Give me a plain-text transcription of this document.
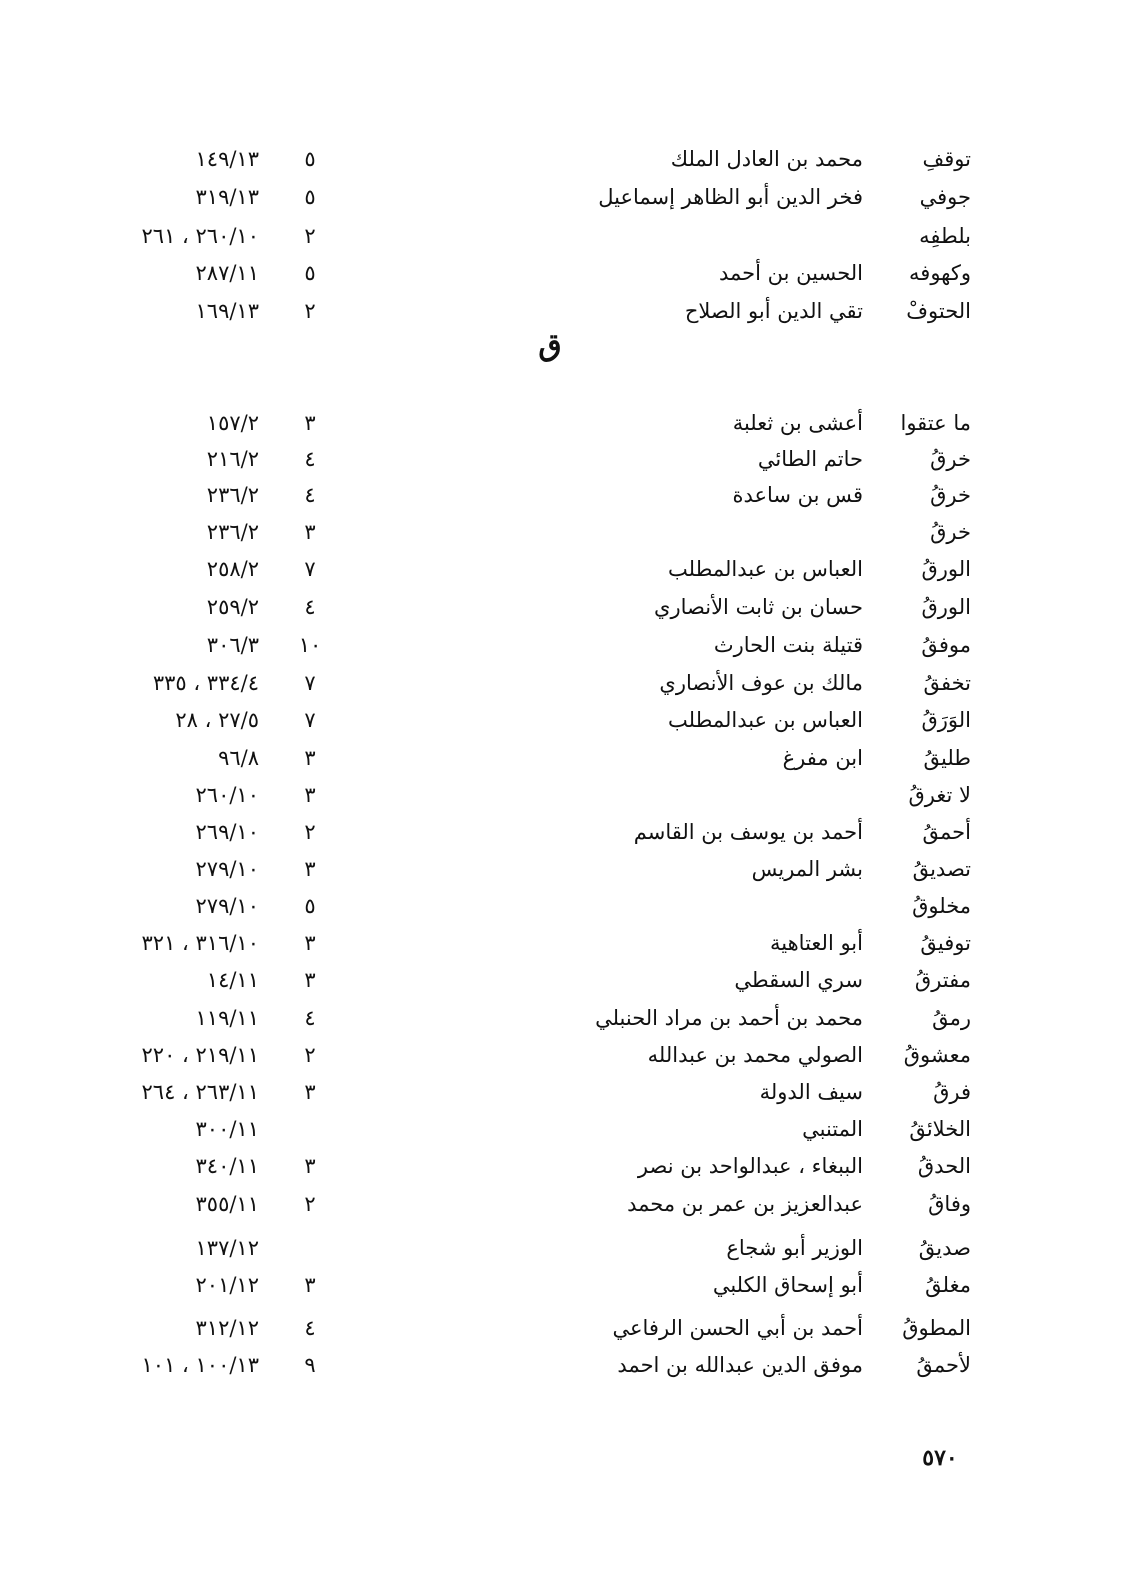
توقفِ
محمد بن العادل الملك
٥
١٤٩/١٣
جوفي
فخر الدين أبو الظاهر إسماعيل
٥
٣١٩/١٣
بلطفِه
٢
٢٦٠/١٠ ، ٢٦١
وكهوفه
الحسين بن أحمد
٥
٢٨٧/١١
الحتوفْ
تقي الدين أبو الصلاح
٢
١٦٩/١٣
ق
ما عتقوا
أعشى بن ثعلبة
٣
١٥٧/٢
خرقُ
حاتم الطائي
٤
٢١٦/٢
خرقُ
قس بن ساعدة
٤
٢٣٦/٢
خرقُ
٣
٢٣٦/٢
الورقُ
العباس بن عبدالمطلب
٧
٢٥٨/٢
الورقُ
حسان بن ثابت الأنصاري
٤
٢٥٩/٢
موفقُ
قتيلة بنت الحارث
١٠
٣٠٦/٣
تخفقُ
مالك بن عوف الأنصاري
٧
٣٣٤/٤ ، ٣٣٥
الوَرَقُ
العباس بن عبدالمطلب
٧
٢٧/٥ ، ٢٨
طليقُ
ابن مفرغ
٣
٩٦/٨
لا تغرقُ
٣
٢٦٠/١٠
أحمقُ
أحمد بن يوسف بن القاسم
٢
٢٦٩/١٠
تصديقُ
بشر المريس
٣
٢٧٩/١٠
مخلوقُ
٥
٢٧٩/١٠
توفيقُ
أبو العتاهية
٣
٣١٦/١٠ ، ٣٢١
مفترقُ
سري السقطي
٣
١٤/١١
رمقُ
محمد بن أحمد بن مراد الحنبلي
٤
١١٩/١١
معشوقُ
الصولي محمد بن عبدالله
٢
٢١٩/١١ ، ٢٢٠
فرقُ
سيف الدولة
٣
٢٦٣/١١ ، ٢٦٤
الخلائقُ
المتنبي
٣٠٠/١١
الحدقُ
الببغاء ، عبدالواحد بن نصر
٣
٣٤٠/١١
وفاقُ
عبدالعزيز بن عمر بن محمد
٢
٣٥٥/١١
صديقُ
الوزير أبو شجاع
١٣٧/١٢
مغلقُ
أبو إسحاق الكلبي
٣
٢٠١/١٢
المطوقُ
أحمد بن أبي الحسن الرفاعي
٤
٣١٢/١٢
لأحمقُ
موفق الدين عبدالله بن احمد
٩
١٠٠/١٣ ، ١٠١
٥٧٠
